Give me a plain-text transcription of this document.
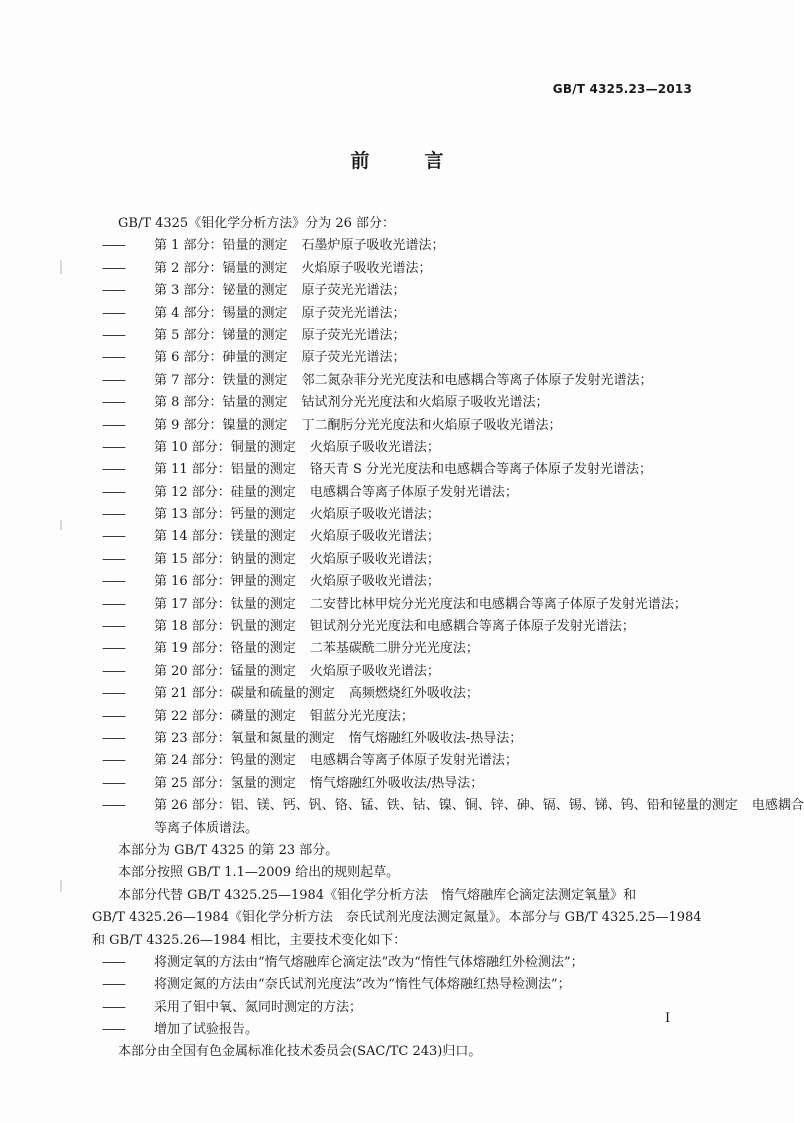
GB/T 4325.23—2013
前　言
GB/T 4325《钼化学分析方法》分为 26 部分：
—— 第 1 部分：铅量的测定 石墨炉原子吸收光谱法；
—— 第 2 部分：镉量的测定 火焰原子吸收光谱法；
—— 第 3 部分：铋量的测定 原子荧光光谱法；
—— 第 4 部分：锡量的测定 原子荧光光谱法；
—— 第 5 部分：锑量的测定 原子荧光光谱法；
—— 第 6 部分：砷量的测定 原子荧光光谱法；
—— 第 7 部分：铁量的测定 邻二氮杂菲分光光度法和电感耦合等离子体原子发射光谱法；
—— 第 8 部分：钴量的测定 钴试剂分光光度法和火焰原子吸收光谱法；
—— 第 9 部分：镍量的测定 丁二酮肟分光光度法和火焰原子吸收光谱法；
—— 第 10 部分：铜量的测定 火焰原子吸收光谱法；
—— 第 11 部分：铝量的测定 铬天青 S 分光光度法和电感耦合等离子体原子发射光谱法；
—— 第 12 部分：硅量的测定 电感耦合等离子体原子发射光谱法；
—— 第 13 部分：钙量的测定 火焰原子吸收光谱法；
—— 第 14 部分：镁量的测定 火焰原子吸收光谱法；
—— 第 15 部分：钠量的测定 火焰原子吸收光谱法；
—— 第 16 部分：钾量的测定 火焰原子吸收光谱法；
—— 第 17 部分：钛量的测定 二安替比林甲烷分光光度法和电感耦合等离子体原子发射光谱法；
—— 第 18 部分：钒量的测定 钽试剂分光光度法和电感耦合等离子体原子发射光谱法；
—— 第 19 部分：铬量的测定 二苯基碳酰二肼分光光度法；
—— 第 20 部分：锰量的测定 火焰原子吸收光谱法；
—— 第 21 部分：碳量和硫量的测定 高频燃烧红外吸收法；
—— 第 22 部分：磷量的测定 钼蓝分光光度法；
—— 第 23 部分：氧量和氮量的测定 惰气熔融红外吸收法-热导法；
—— 第 24 部分：钨量的测定 电感耦合等离子体原子发射光谱法；
—— 第 25 部分：氢量的测定 惰气熔融红外吸收法/热导法；
—— 第 26 部分：铝、镁、钙、钒、铬、锰、铁、钴、镍、铜、锌、砷、镉、锡、锑、钨、铅和铋量的测定 电感耦合
等离子体质谱法。
本部分为 GB/T 4325 的第 23 部分。
本部分按照 GB/T 1.1—2009 给出的规则起草。
本部分代替 GB/T 4325.25—1984《钼化学分析方法　惰气熔融库仑滴定法测定氧量》和
GB/T 4325.26—1984《钼化学分析方法　奈氏试剂光度法测定氮量》。本部分与 GB/T 4325.25—1984
和 GB/T 4325.26—1984 相比，主要技术变化如下：
—— 将测定氧的方法由“惰气熔融库仑滴定法”改为“惰性气体熔融红外检测法”；
—— 将测定氮的方法由“奈氏试剂光度法”改为“惰性气体熔融红热导检测法”；
—— 采用了钼中氧、氮同时测定的方法；
—— 增加了试验报告。
本部分由全国有色金属标准化技术委员会(SAC/TC 243)归口。
I
